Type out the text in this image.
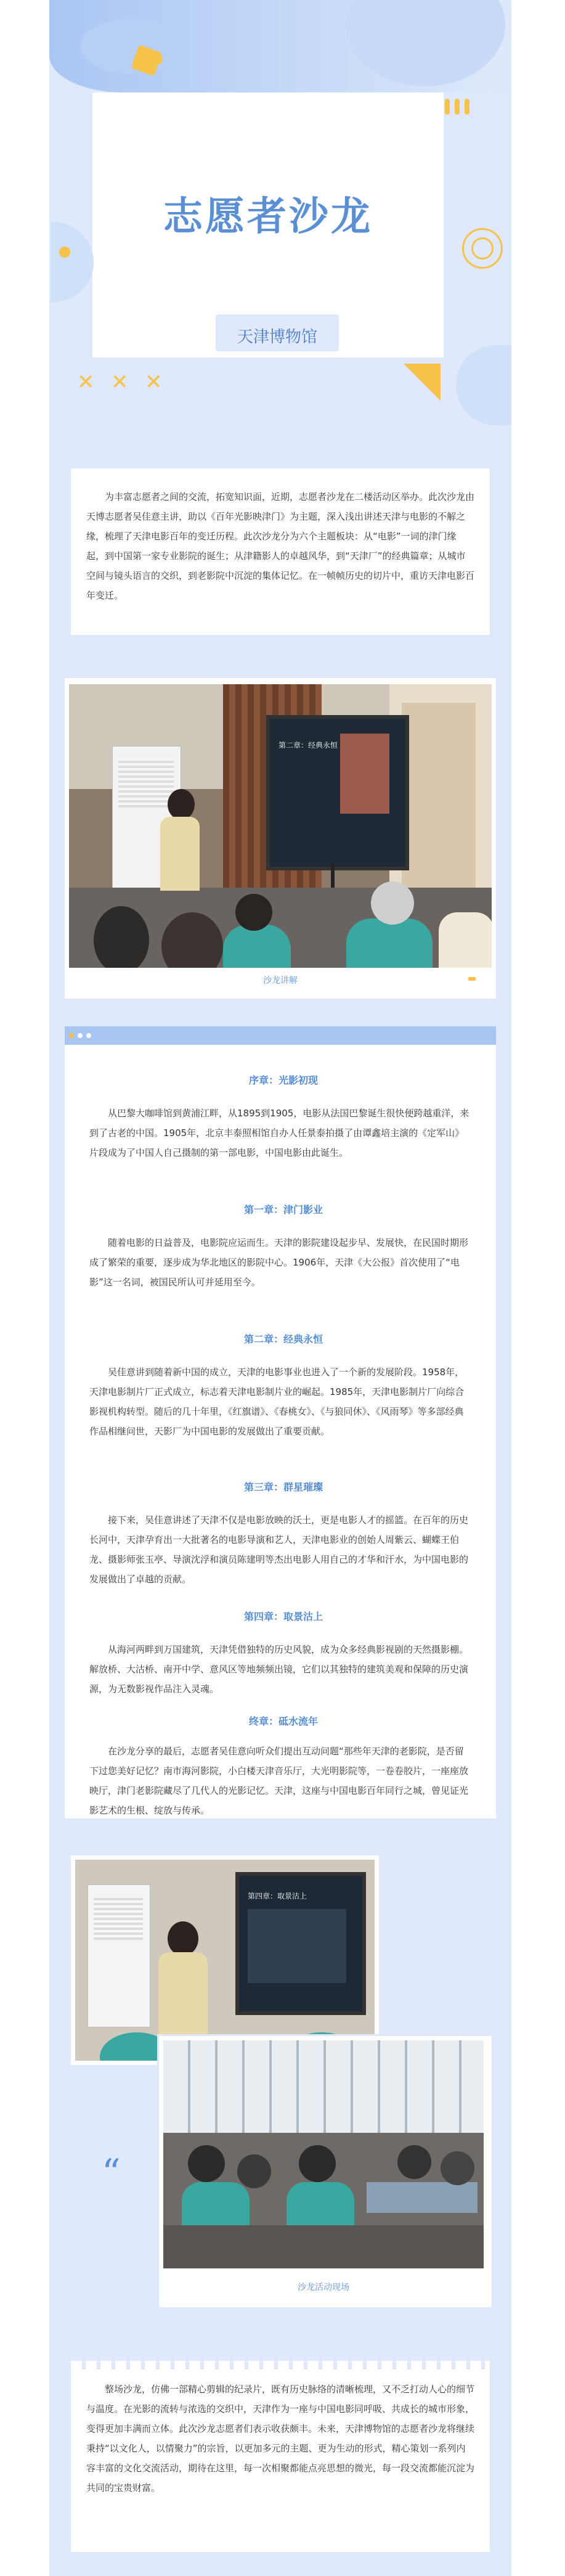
志愿者沙龙
天津博物馆
✕ ✕ ✕

为丰富志愿者之间的交流，拓宽知识面，近期，志愿者沙龙在二楼活动区举办。此次沙龙由天博志愿者吴佳意主讲，助以《百年光影映津门》为主题，深入浅出讲述天津与电影的不解之缘，梳理了天津电影百年的变迁历程。此次沙龙分为六个主题板块：从“电影”一词的津门缘起，到中国第一家专业影院的诞生；从津籍影人的卓越风华，到“天津厂”的经典篇章；从城市空间与镜头语言的交织，到老影院中沉淀的集体记忆。在一帧帧历史的切片中，重访天津电影百年变迁。

第二章：经典永恒
沙龙讲解
序章：光影初现

从巴黎大咖啡馆到黄浦江畔，从1895到1905，电影从法国巴黎诞生很快便跨越重洋，来到了古老的中国。1905年，北京丰泰照相馆自办人任景泰拍摄了由谭鑫培主演的《定军山》片段成为了中国人自己摄制的第一部电影，中国电影由此诞生。

第一章：津门影业

随着电影的日益普及，电影院应运而生。天津的影院建设起步早、发展快，在民国时期形成了繁荣的重要，逐步成为华北地区的影院中心。1906年，天津《大公报》首次使用了“电影”这一名词，被国民所认可并延用至今。

第二章：经典永恒

吴佳意讲到随着新中国的成立，天津的电影事业也进入了一个新的发展阶段。1958年，天津电影制片厂正式成立，标志着天津电影制片业的崛起。1985年，天津电影制片厂向综合影视机构转型。随后的几十年里，《红旗谱》、《春桃女》、《与狼同休》、《风雨琴》等多部经典作品相继问世，天影厂为中国电影的发展做出了重要贡献。

第三章：群星璀璨

接下来，吴佳意讲述了天津不仅是电影放映的沃土，更是电影人才的摇篮。在百年的历史长河中，天津孕育出一大批著名的电影导演和艺人，天津电影业的创始人周紫云、蝴蝶王伯龙、摄影师张玉亭、导演沈浮和演员陈建明等杰出电影人用自己的才华和汗水，为中国电影的发展做出了卓越的贡献。

第四章：取景沽上

从海河两畔到万国建筑，天津凭借独特的历史风貌，成为众多经典影视剧的天然摄影棚。解放桥、大沽桥、南开中学、意风区等地频频出镜，它们以其独特的建筑美观和保障的历史演源，为无数影视作品注入灵魂。

终章：砥水流年

在沙龙分享的最后，志愿者吴佳意向听众们提出互动问题“那些年天津的老影院，是否留下过您美好记忆？南市海河影院，小白楼天津音乐厅，大光明影院等，一卷卷胶片，一座座放映厅，津门老影院藏尽了几代人的光影记忆。天津，这座与中国电影百年同行之城，曾见证光影艺术的生根、绽放与传承。

第四章：取景沽上
“
沙龙活动现场

整场沙龙，仿佛一部精心剪辑的纪录片，既有历史脉络的清晰梳理，又不乏打动人心的细节与温度。在光影的流转与浓选的交织中，天津作为一座与中国电影同呼吸、共成长的城市形象，变得更加丰满而立体。此次沙龙志愿者们表示收获颇丰。未来，天津博物馆的志愿者沙龙将继续秉持“以文化人，以情聚力”的宗旨，以更加多元的主题、更为生动的形式，精心策划一系列内容丰富的文化交流活动，期待在这里，每一次相聚都能点亮思想的微光，每一段交流都能沉淀为共同的宝贵财富。
